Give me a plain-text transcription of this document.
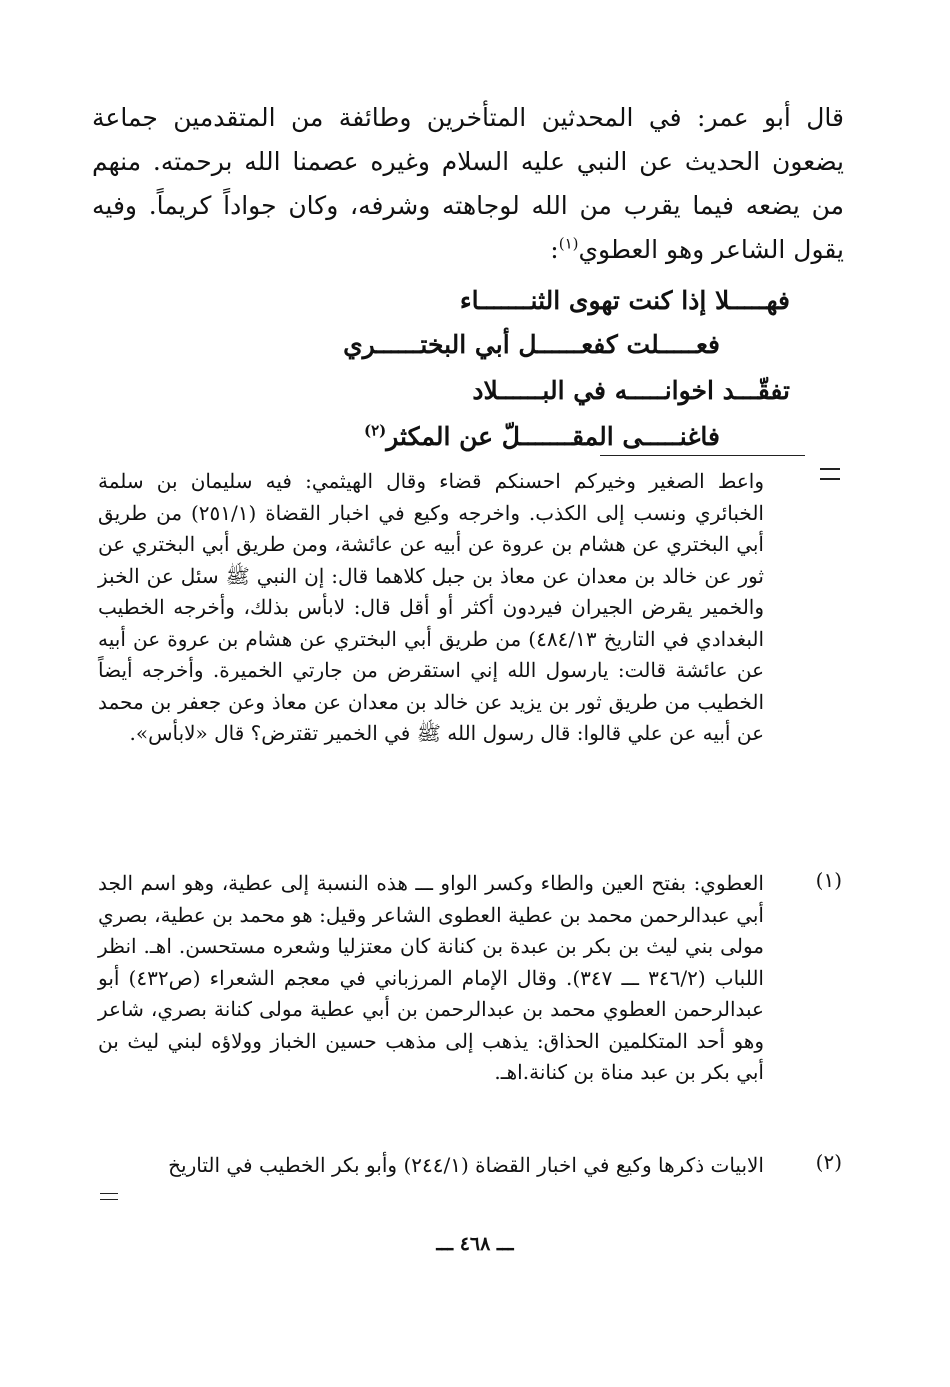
قال أبو عمر: في المحدثين المتأخرين وطائفة من المتقدمين جماعة يضعون الحديث عن النبي عليه السلام وغيره عصمنا الله برحمته. منهم من يضعه فيما يقرب من الله لوجاهته وشرفه، وكان جواداً كريماً. وفيه يقول الشاعر وهو العطوي$^{(١)}$:

فهـــــلا إذا كنت تهوى الثنـــــــاء
فعـــــلت كفعــــــل أبي البختــــــري
تفقّـــد اخوانـــــه في البــــــلاد
فاغنـــــى المقـــــــلّ عن المكثر$^{(٢)}$

واعط الصغير وخيركم احسنكم قضاء وقال الهيثمي: فيه سليمان بن سلمة الخبائري ونسب إلى الكذب. واخرجه وكيع في اخبار القضاة (٢٥١/١) من طريق أبي البختري عن هشام بن عروة عن أبيه عن عائشة، ومن طريق أبي البختري عن ثور عن خالد بن معدان عن معاذ بن جبل كلاهما قال: إن النبي ﷺ سئل عن الخبز والخمير يقرض الجيران فيردون أكثر أو أقل قال: لابأس بذلك، وأخرجه الخطيب البغدادي في التاريخ ٤٨٤/١٣) من طريق أبي البختري عن هشام بن عروة عن أبيه عن عائشة قالت: يارسول الله إني استقرض من جارتي الخميرة. وأخرجه أيضاً الخطيب من طريق ثور بن يزيد عن خالد بن معدان عن معاذ وعن جعفر بن محمد عن أبيه عن علي قالوا: قال رسول الله ﷺ في الخمير تقترض؟ قال «لابأس».

(١)

العطوي: بفتح العين والطاء وكسر الواو ـــ هذه النسبة إلى عطية، وهو اسم الجد أبي عبدالرحمن محمد بن عطية العطوى الشاعر وقيل: هو محمد بن عطية، بصري مولى بني ليث بن بكر بن عبدة بن كنانة كان معتزليا وشعره مستحسن. اهـ. انظر اللباب (٣٤٦/٢ ـــ ٣٤٧). وقال الإمام المرزباني في معجم الشعراء (ص٤٣٢) أبو عبدالرحمن العطوي محمد بن عبدالرحمن بن أبي عطية مولى كنانة بصري، شاعر وهو أحد المتكلمين الحذاق: يذهب إلى مذهب حسين الخباز وولاؤه لبني ليث بن أبي بكر بن عبد مناة بن كنانة.اهـ.

(٢)

الابيات ذكرها وكيع في اخبار القضاة (٢٤٤/١) وأبو بكر الخطيب في التاريخ

ـــ ٤٦٨ ـــ
